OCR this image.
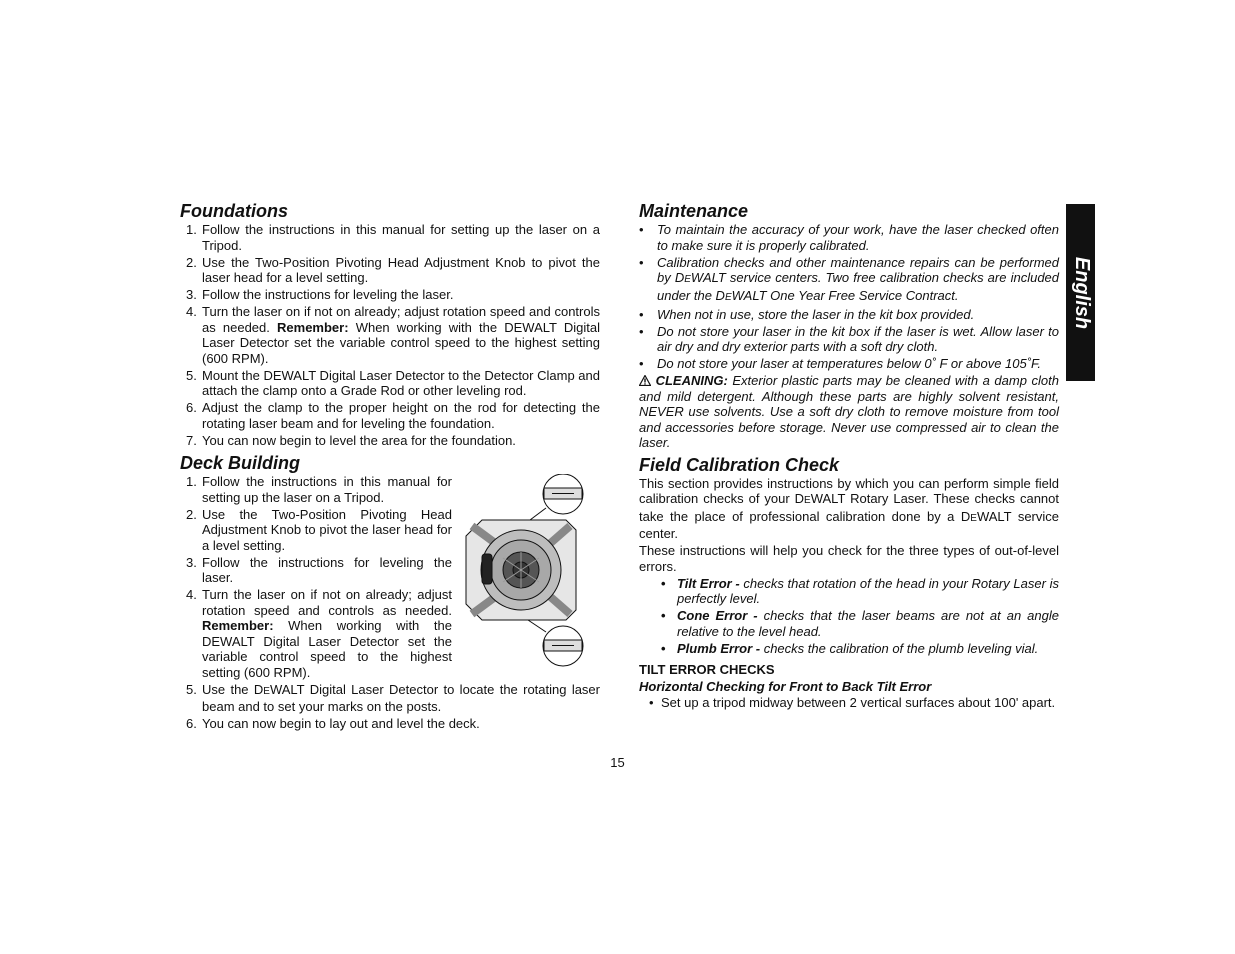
Foundations
1. Follow the instructions in this manual for setting up the laser on a Tripod.
2. Use the Two-Position Pivoting Head Adjustment Knob to pivot the laser head for a level setting.
3. Follow the instructions for leveling the laser.
4. Turn the laser on if not on already; adjust rotation speed and controls as needed. Remember: When working with the DEWALT Digital Laser Detector set the variable control speed to the highest setting (600 RPM).
5. Mount the DEWALT Digital Laser Detector to the Detector Clamp and attach the clamp onto a Grade Rod or other leveling rod.
6. Adjust the clamp to the proper height on the rod for detecting the rotating laser beam and for leveling the foundation.
7. You can now begin to level the area for the foundation.
Deck Building
1. Follow the instructions in this manual for setting up the laser on a Tripod.
2. Use the Two-Position Pivoting Head Adjustment Knob to pivot the laser head for a level setting.
3. Follow the instructions for leveling the laser.
4. Turn the laser on if not on already; adjust rotation speed and controls as needed. Remember: When working with the DEWALT Digital Laser Detector set the variable control speed to the highest setting (600 RPM).
5. Use the DEWALT Digital Laser Detector to locate the rotating laser beam and to set your marks on the posts.
6. You can now begin to lay out and level the deck.
Maintenance
• To maintain the accuracy of your work, have the laser checked often to make sure it is properly calibrated.
• Calibration checks and other maintenance repairs can be performed by DEWALT service centers. Two free calibration checks are included under the DEWALT One Year Free Service Contract.
• When not in use, store the laser in the kit box provided.
• Do not store your laser in the kit box if the laser is wet. Allow laser to air dry and dry exterior parts with a soft dry cloth.
• Do not store your laser at temperatures below 0˚ F or above 105˚F.

CLEANING: Exterior plastic parts may be cleaned with a damp cloth and mild detergent. Although these parts are highly solvent resistant, NEVER use solvents. Use a soft dry cloth to remove moisture from tool and accessories before storage. Never use compressed air to clean the laser.

Field Calibration Check

This section provides instructions by which you can perform simple field calibration checks of your DEWALT Rotary Laser. These checks cannot take the place of professional calibration done by a DEWALT service center.

These instructions will help you check for the three types of out-of-level errors.

• Tilt Error - checks that rotation of the head in your Rotary Laser is perfectly level.
• Cone Error - checks that the laser beams are not at an angle relative to the level head.
• Plumb Error - checks the calibration of the plumb leveling vial.

TILT ERROR CHECKS

Horizontal Checking for Front to Back Tilt Error

• Set up a tripod midway between 2 vertical surfaces about 100' apart.
English
15
